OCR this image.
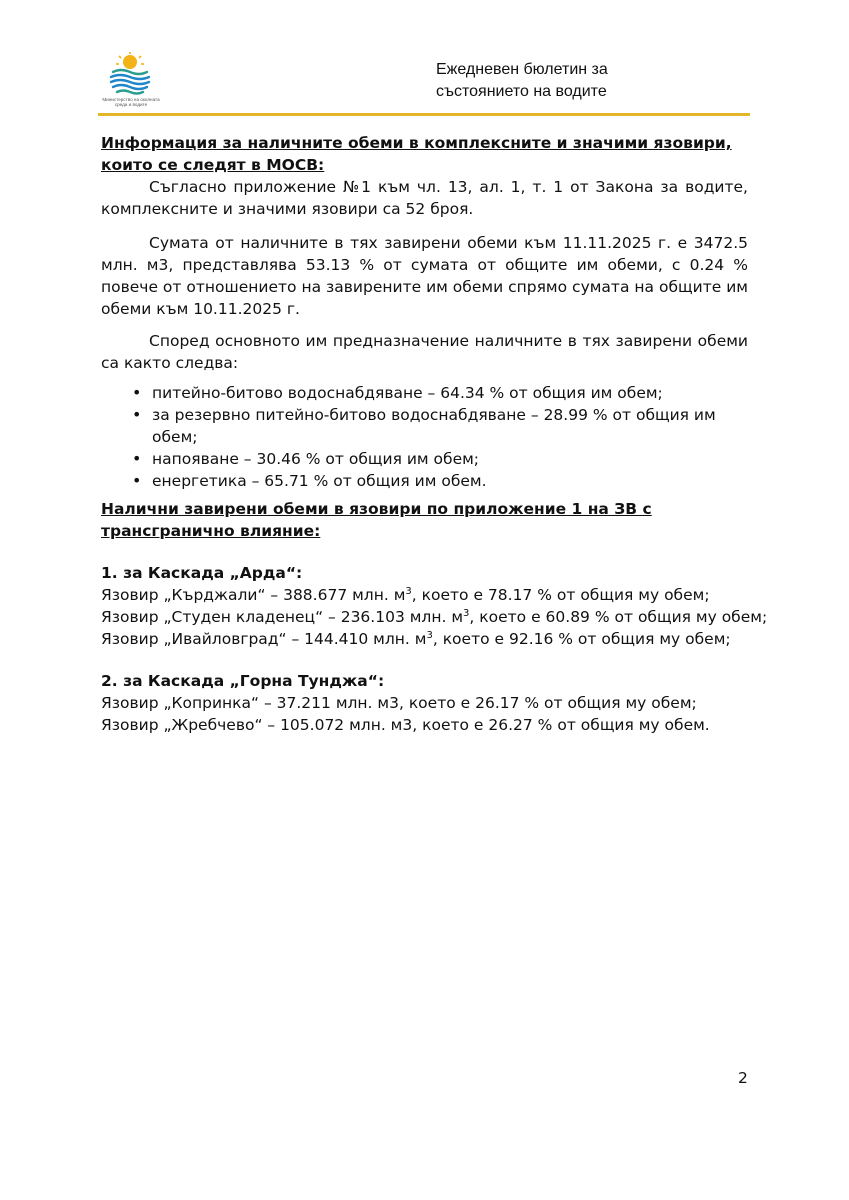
Министерство на околната среда и водите
Ежедневен бюлетин за
състоянието на водите

Информация за наличните обеми в комплексните и значими язовири, които се следят в МОСВ:

Съгласно приложение №1 към чл. 13, ал. 1, т. 1 от Закона за водите, комплексните и значими язовири са 52 броя.

Сумата от наличните в тях завирени обеми към 11.11.2025 г. е 3472.5 млн. м3, представлява 53.13 % от сумата от общите им обеми, с 0.24 % повече от отношението на завирените им обеми спрямо сумата на общите им обеми към 10.11.2025 г.

Според основното им предназначение наличните в тях завирени обеми са както следва:

• питейно-битово водоснабдяване – 64.34 % от общия им обем;
• за резервно питейно-битово водоснабдяване – 28.99 % от общия им обем;
• напояване – 30.46 % от общия им обем;
• енергетика – 65.71 % от общия им обем.

Налични завирени обеми в язовири по приложение 1 на ЗВ с трансгранично влияние:

1. за Каскада „Арда“:

Язовир „Кърджали“ – 388.677 млн. $м^3$, което е 78.17 % от общия му обем;

Язовир „Студен кладенец“ – 236.103 млн. $м^3$, което е 60.89 % от общия му обем;

Язовир „Ивайловград“ – 144.410 млн. $м^3$, което е 92.16 % от общия му обем;

2. за Каскада „Горна Тунджа“:

Язовир „Копринка“ – 37.211 млн. м3, което е 26.17 % от общия му обем;

Язовир „Жребчево“ – 105.072 млн. м3, което е 26.27 % от общия му обем.

2
